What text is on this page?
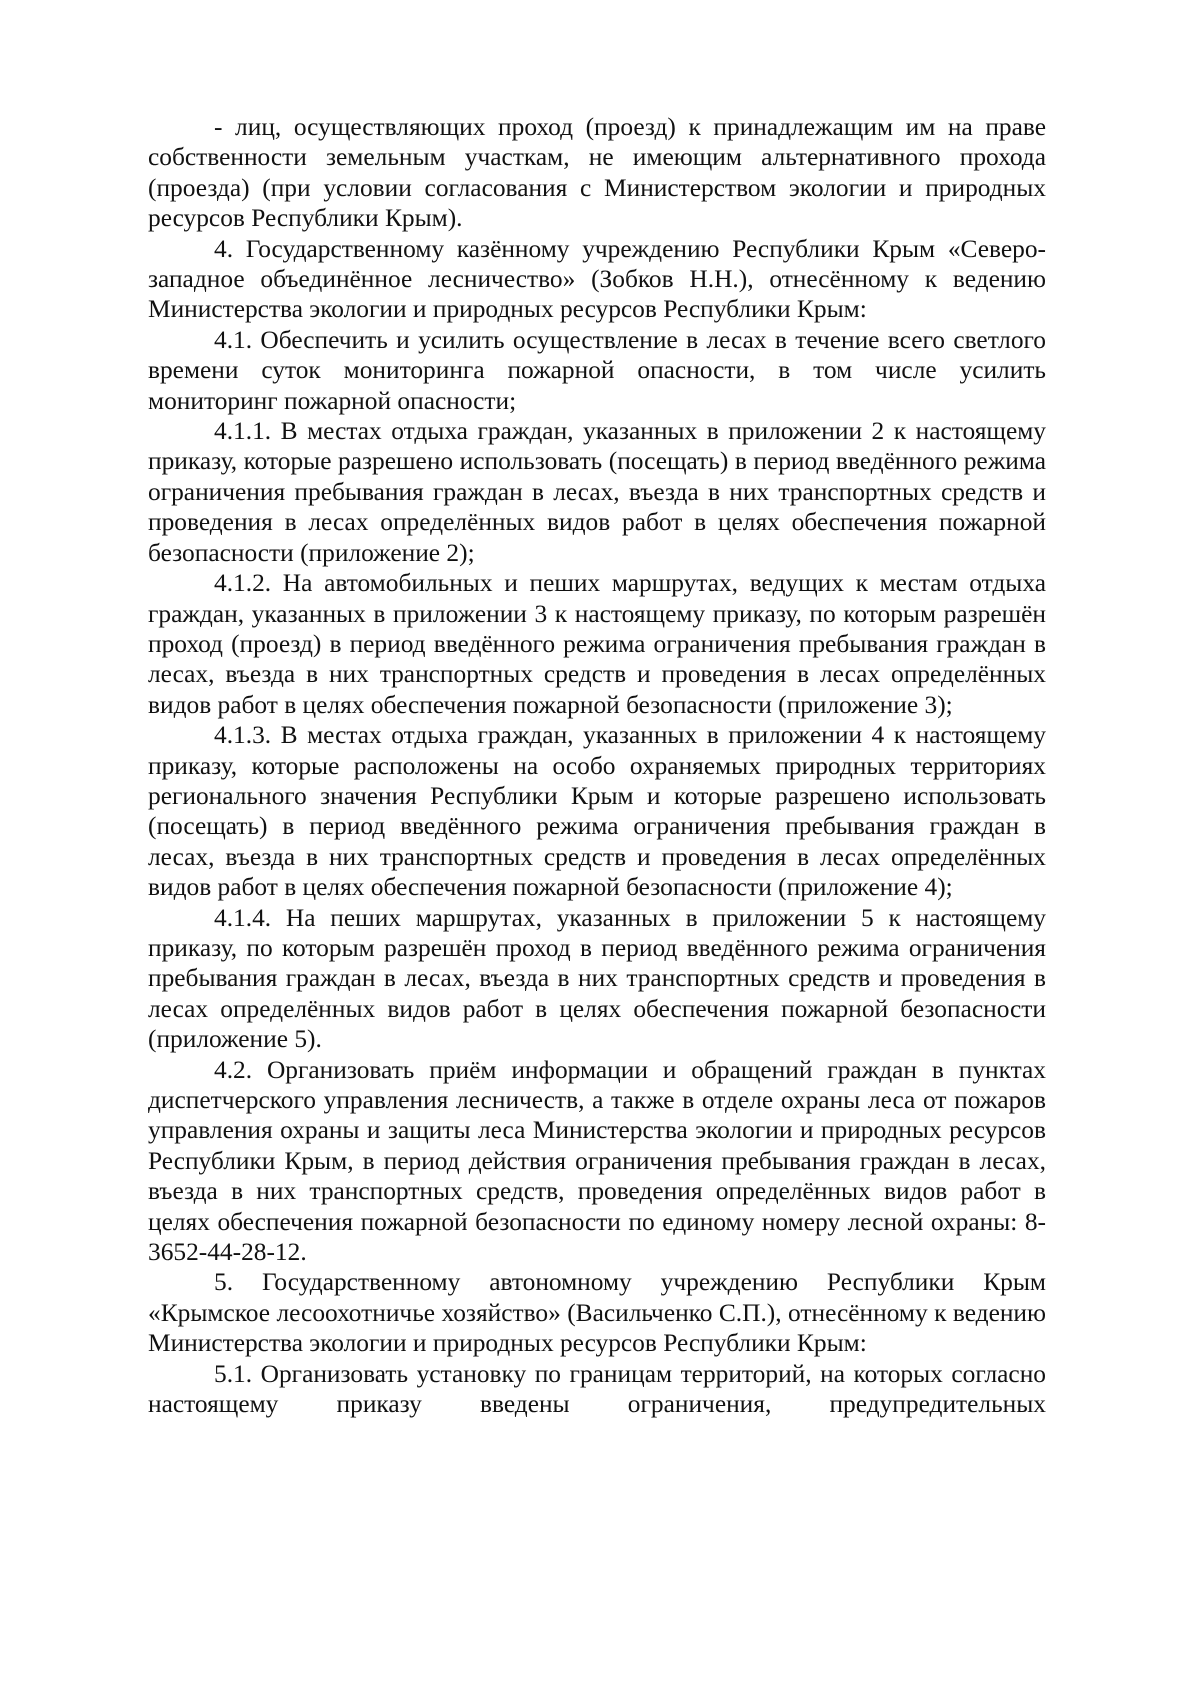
- лиц, осуществляющих проход (проезд) к принадлежащим им на праве собственности земельным участкам, не имеющим альтернативного прохода (проезда) (при условии согласования с Министерством экологии и природных ресурсов Республики Крым).

4. Государственному казённому учреждению Республики Крым «Северо-западное объединённое лесничество» (Зобков Н.Н.), отнесённому к ведению Министерства экологии и природных ресурсов Республики Крым:

4.1. Обеспечить и усилить осуществление в лесах в течение всего светлого времени суток мониторинга пожарной опасности, в том числе усилить мониторинг пожарной опасности;

4.1.1. В местах отдыха граждан, указанных в приложении 2 к настоящему приказу, которые разрешено использовать (посещать) в период введённого режима ограничения пребывания граждан в лесах, въезда в них транспортных средств и проведения в лесах определённых видов работ в целях обеспечения пожарной безопасности (приложение 2);

4.1.2. На автомобильных и пеших маршрутах, ведущих к местам отдыха граждан, указанных в приложении 3 к настоящему приказу, по которым разрешён проход (проезд) в период введённого режима ограничения пребывания граждан в лесах, въезда в них транспортных средств и проведения в лесах определённых видов работ в целях обеспечения пожарной безопасности (приложение 3);

4.1.3. В местах отдыха граждан, указанных в приложении 4 к настоящему приказу, которые расположены на особо охраняемых природных территориях регионального значения Республики Крым и которые разрешено использовать (посещать) в период введённого режима ограничения пребывания граждан в лесах, въезда в них транспортных средств и проведения в лесах определённых видов работ в целях обеспечения пожарной безопасности (приложение 4);

4.1.4. На пеших маршрутах, указанных в приложении 5 к настоящему приказу, по которым разрешён проход в период введённого режима ограничения пребывания граждан в лесах, въезда в них транспортных средств и проведения в лесах определённых видов работ в целях обеспечения пожарной безопасности (приложение 5).

4.2. Организовать приём информации и обращений граждан в пунктах диспетчерского управления лесничеств, а также в отделе охраны леса от пожаров управления охраны и защиты леса Министерства экологии и природных ресурсов Республики Крым, в период действия ограничения пребывания граждан в лесах, въезда в них транспортных средств, проведения определённых видов работ в целях обеспечения пожарной безопасности по единому номеру лесной охраны: 8-3652-44-28-12.

5. Государственному автономному учреждению Республики Крым «Крымское лесоохотничье хозяйство» (Васильченко С.П.), отнесённому к ведению Министерства экологии и природных ресурсов Республики Крым:

5.1. Организовать установку по границам территорий, на которых согласно настоящему приказу введены ограничения, предупредительных
